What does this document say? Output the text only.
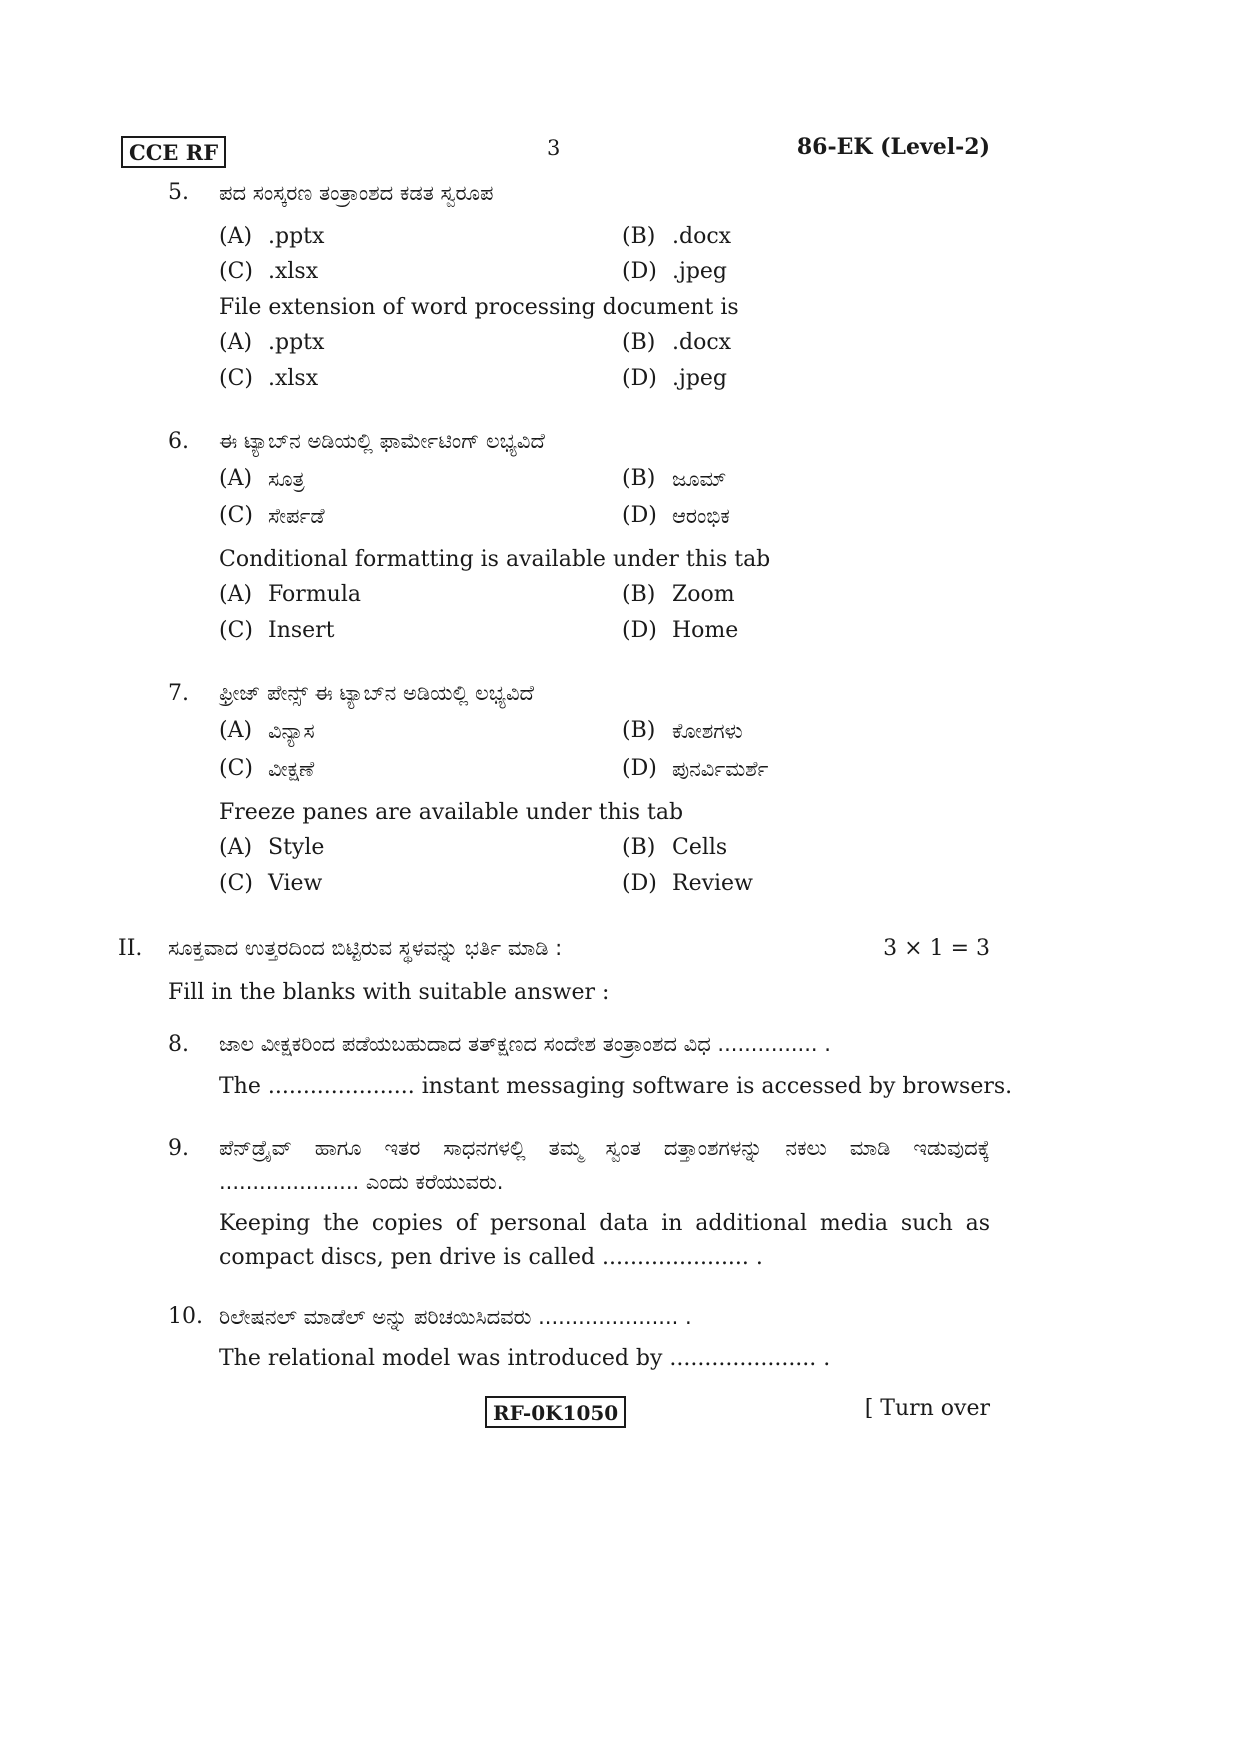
CCE RF	3	86-EK (Level-2)
5. ಪದ ಸಂಸ್ಕರಣ ತಂತ್ರಾಂಶದ ಕಡತ ಸ್ವರೂಪ
(A) .pptx	(B) .docx
(C) .xlsx	(D) .jpeg
File extension of word processing document is
(A) .pptx	(B) .docx
(C) .xlsx	(D) .jpeg
6. ಈ ಟ್ಯಾಬ್‌ನ ಅಡಿಯಲ್ಲಿ ಫಾರ್ಮೇಟಿಂಗ್ ಲಭ್ಯವಿದೆ
(A) ಸೂತ್ರ	(B) ಜೂಮ್
(C) ಸೇರ್ಪಡೆ	(D) ಆರಂಭಿಕ
Conditional formatting is available under this tab
(A) Formula	(B) Zoom
(C) Insert	(D) Home
7. ಫ್ರೀಜ್ ಪೇನ್ಸ್ ಈ ಟ್ಯಾಬ್‌ನ ಅಡಿಯಲ್ಲಿ ಲಭ್ಯವಿದೆ
(A) ವಿನ್ಯಾಸ	(B) ಕೋಶಗಳು
(C) ವೀಕ್ಷಣೆ	(D) ಪುನರ್ವಿಮರ್ಶೆ
Freeze panes are available under this tab
(A) Style	(B) Cells
(C) View	(D) Review
II. ಸೂಕ್ತವಾದ ಉತ್ತರದಿಂದ ಬಿಟ್ಟಿರುವ ಸ್ಥಳವನ್ನು ಭರ್ತಿ ಮಾಡಿ :	3 × 1 = 3
Fill in the blanks with suitable answer :
8. ಜಾಲ ವೀಕ್ಷಕರಿಂದ ಪಡೆಯಬಹುದಾದ ತತ್‌ಕ್ಷಣದ ಸಂದೇಶ ತಂತ್ರಾಂಶದ ವಿಧ ............... .
The ..................... instant messaging software is accessed by browsers.
9. ಪೆನ್‌ಡ್ರೈವ್ ಹಾಗೂ ಇತರ ಸಾಧನಗಳಲ್ಲಿ ತಮ್ಮ ಸ್ವಂತ ದತ್ತಾಂಶಗಳನ್ನು ನಕಲು ಮಾಡಿ ಇಡುವುದಕ್ಕೆ ..................... ಎಂದು ಕರೆಯುವರು.
Keeping the copies of personal data in additional media such as compact discs, pen drive is called ..................... .
10. ರಿಲೇಷನಲ್ ಮಾಡೆಲ್ ಅನ್ನು ಪರಿಚಯಿಸಿದವರು ..................... .
The relational model was introduced by ..................... .
RF-0K1050	[ Turn over
